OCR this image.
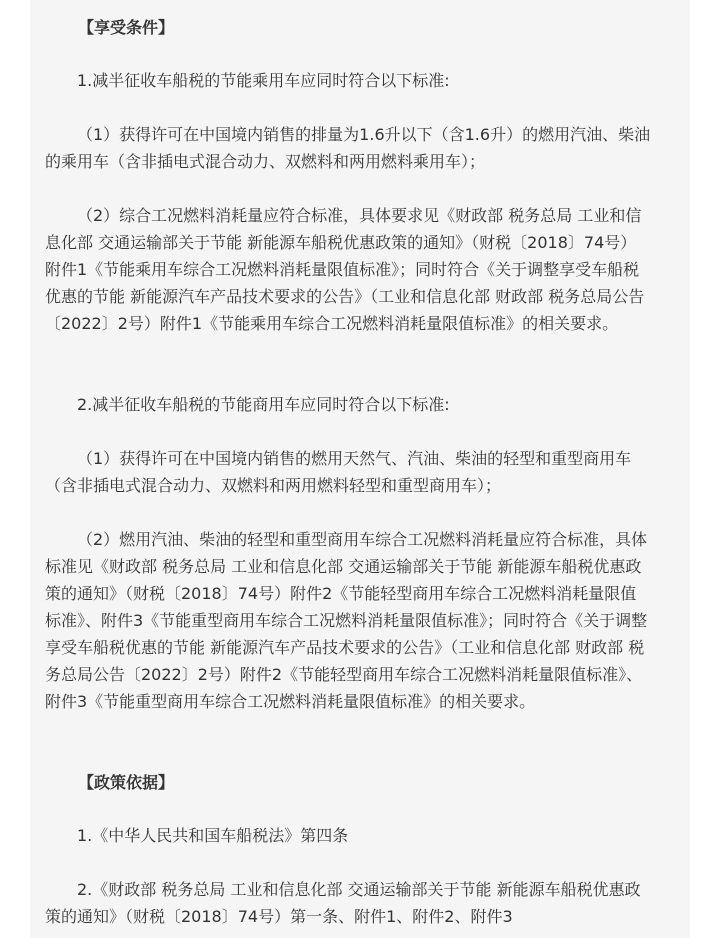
【享受条件】

1.减半征收车船税的节能乘用车应同时符合以下标准:

（1）获得许可在中国境内销售的排量为1.6升以下（含1.6升）的燃用汽油、柴油的乘用车（含非插电式混合动力、双燃料和两用燃料乘用车）；

（2）综合工况燃料消耗量应符合标准，具体要求见《财政部 税务总局 工业和信息化部 交通运输部关于节能 新能源车船税优惠政策的通知》（财税〔2018〕74号）附件1《节能乘用车综合工况燃料消耗量限值标准》；同时符合《关于调整享受车船税优惠的节能 新能源汽车产品技术要求的公告》（工业和信息化部 财政部 税务总局公告〔2022〕2号）附件1《节能乘用车综合工况燃料消耗量限值标准》的相关要求。

2.减半征收车船税的节能商用车应同时符合以下标准:

（1）获得许可在中国境内销售的燃用天然气、汽油、柴油的轻型和重型商用车（含非插电式混合动力、双燃料和两用燃料轻型和重型商用车）；

（2）燃用汽油、柴油的轻型和重型商用车综合工况燃料消耗量应符合标准，具体标准见《财政部 税务总局 工业和信息化部 交通运输部关于节能 新能源车船税优惠政策的通知》（财税〔2018〕74号）附件2《节能轻型商用车综合工况燃料消耗量限值标准》、附件3《节能重型商用车综合工况燃料消耗量限值标准》；同时符合《关于调整享受车船税优惠的节能 新能源汽车产品技术要求的公告》（工业和信息化部 财政部 税务总局公告〔2022〕2号）附件2《节能轻型商用车综合工况燃料消耗量限值标准》、附件3《节能重型商用车综合工况燃料消耗量限值标准》的相关要求。

【政策依据】

1.《中华人民共和国车船税法》第四条

2.《财政部 税务总局 工业和信息化部 交通运输部关于节能 新能源车船税优惠政策的通知》（财税〔2018〕74号）第一条、附件1、附件2、附件3
